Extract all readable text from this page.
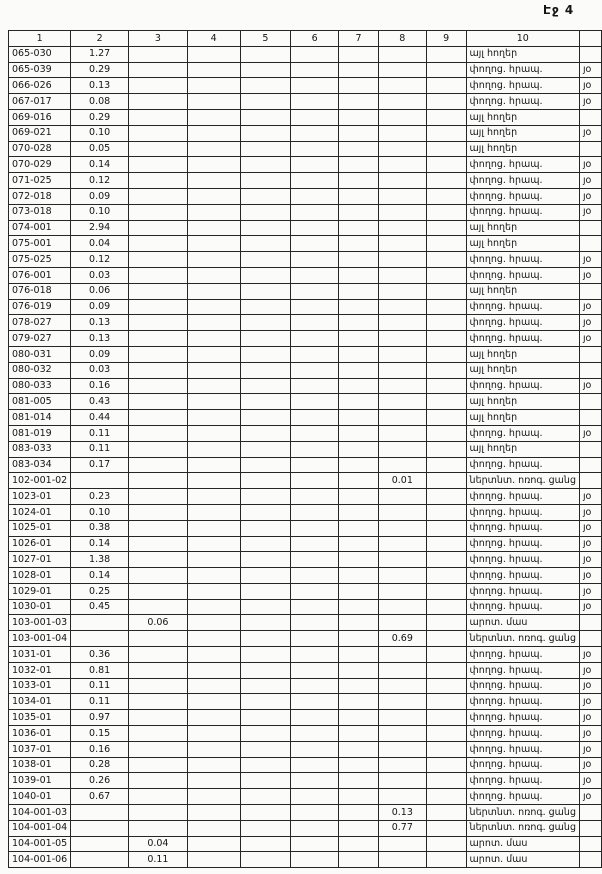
Էջ 4
1	2	3	4	5	6	7	8	9	10	
065-030	1.27								այլ հողեր	
065-039	0.29								փողոց. հրապ.	յօ
066-026	0.13								փողոց. հրապ.	յօ
067-017	0.08								փողոց. հրապ.	յօ
069-016	0.29								այլ հողեր	
069-021	0.10								այլ հողեր	յօ
070-028	0.05								այլ հողեր	
070-029	0.14								փողոց. հրապ.	յօ
071-025	0.12								փողոց. հրապ.	յօ
072-018	0.09								փողոց. հրապ.	յօ
073-018	0.10								փողոց. հրապ.	յօ
074-001	2.94								այլ հողեր	
075-001	0.04								այլ հողեր	
075-025	0.12								փողոց. հրապ.	յօ
076-001	0.03								փողոց. հրապ.	յօ
076-018	0.06								այլ հողեր	
076-019	0.09								փողոց. հրապ.	յօ
078-027	0.13								փողոց. հրապ.	յօ
079-027	0.13								փողոց. հրապ.	յօ
080-031	0.09								այլ հողեր	
080-032	0.03								այլ հողեր	
080-033	0.16								փողոց. հրապ.	յօ
081-005	0.43								այլ հողեր	
081-014	0.44								այլ հողեր	
081-019	0.11								փողոց. հրապ.	յօ
083-033	0.11								այլ հողեր	
083-034	0.17								փողոց. հրապ.	
102-001-02							0.01		ներտնտ. ոռոգ. ցանց	
1023-01	0.23								փողոց. հրապ.	յօ
1024-01	0.10								փողոց. հրապ.	յօ
1025-01	0.38								փողոց. հրապ.	յօ
1026-01	0.14								փողոց. հրապ.	յօ
1027-01	1.38								փողոց. հրապ.	յօ
1028-01	0.14								փողոց. հրապ.	յօ
1029-01	0.25								փողոց. հրապ.	յօ
1030-01	0.45								փողոց. հրապ.	յօ
103-001-03		0.06							արոտ. մաս	
103-001-04							0.69		ներտնտ. ոռոգ. ցանց	
1031-01	0.36								փողոց. հրապ.	յօ
1032-01	0.81								փողոց. հրապ.	յօ
1033-01	0.11								փողոց. հրապ.	յօ
1034-01	0.11								փողոց. հրապ.	յօ
1035-01	0.97								փողոց. հրապ.	յօ
1036-01	0.15								փողոց. հրապ.	յօ
1037-01	0.16								փողոց. հրապ.	յօ
1038-01	0.28								փողոց. հրապ.	յօ
1039-01	0.26								փողոց. հրապ.	յօ
1040-01	0.67								փողոց. հրապ.	յօ
104-001-03							0.13		ներտնտ. ոռոգ. ցանց	
104-001-04							0.77		ներտնտ. ոռոգ. ցանց	
104-001-05		0.04							արոտ. մաս	
104-001-06		0.11							արոտ. մաս	
